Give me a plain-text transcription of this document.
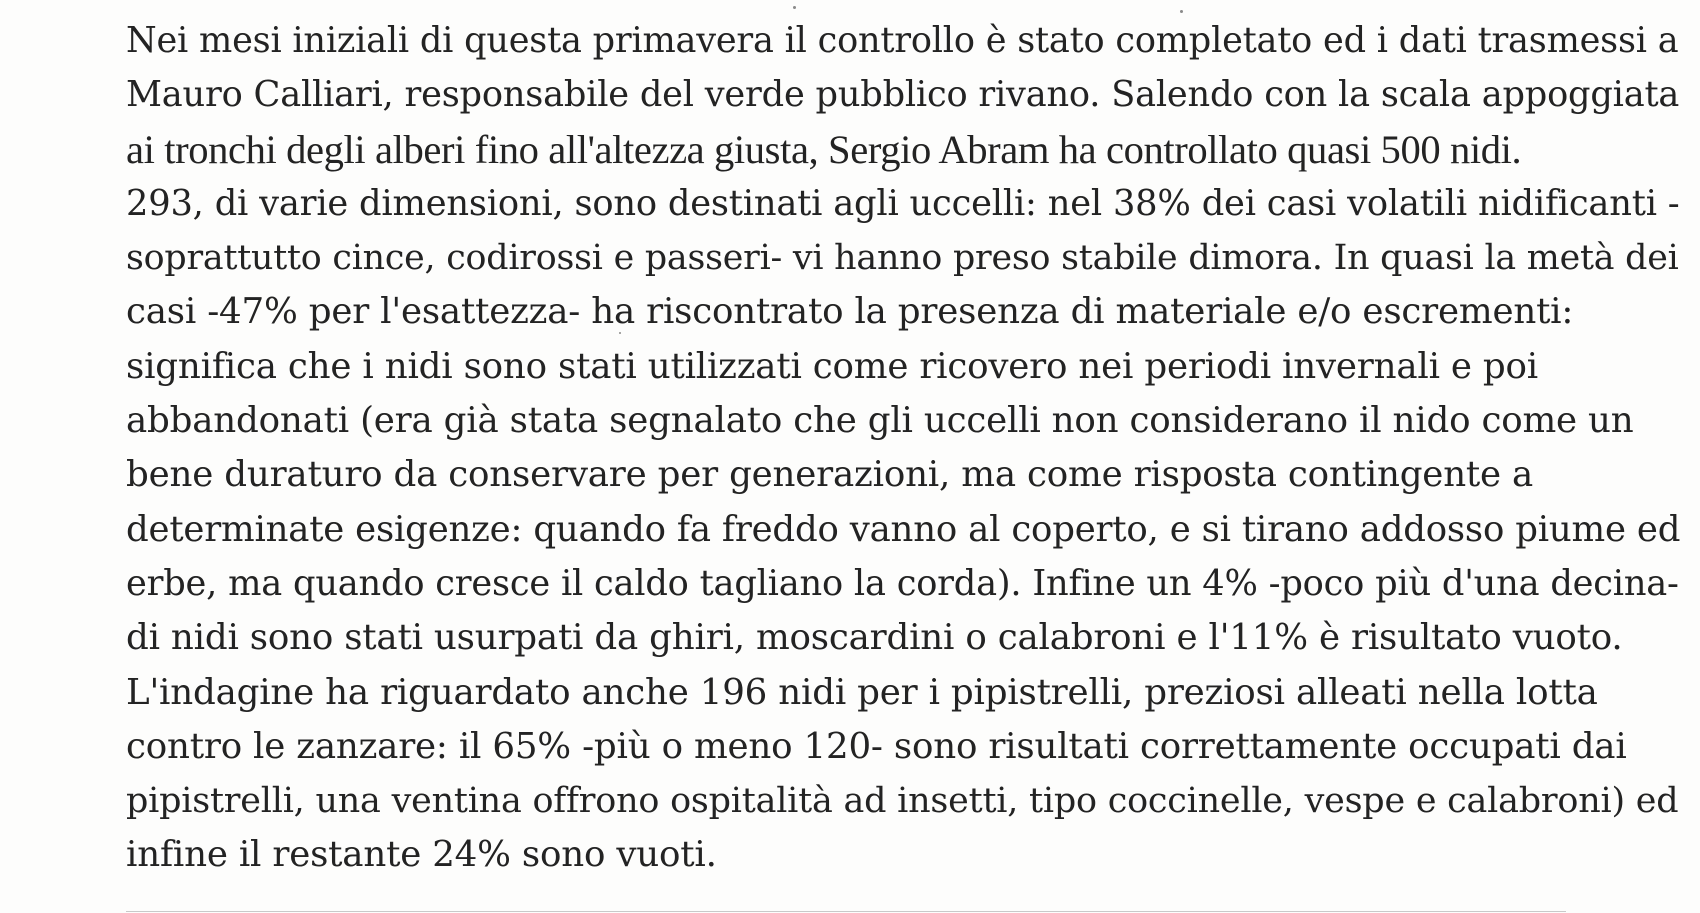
Nei mesi iniziali di questa primavera il controllo è stato completato ed i dati trasmessi a
Mauro Calliari, responsabile del verde pubblico rivano. Salendo con la scala appoggiata
ai tronchi degli alberi fino all'altezza giusta, Sergio Abram ha controllato quasi 500 nidi.
293, di varie dimensioni, sono destinati agli uccelli: nel 38% dei casi volatili nidificanti -
soprattutto cince, codirossi e passeri- vi hanno preso stabile dimora. In quasi la metà dei
casi -47% per l'esattezza- ha riscontrato la presenza di materiale e/o escrementi:
significa che i nidi sono stati utilizzati come ricovero nei periodi invernali e poi
abbandonati (era già stata segnalato che gli uccelli non considerano il nido come un
bene duraturo da conservare per generazioni, ma come risposta contingente a
determinate esigenze: quando fa freddo vanno al coperto, e si tirano addosso piume ed
erbe, ma quando cresce il caldo tagliano la corda). Infine un 4% -poco più d'una decina-
di nidi sono stati usurpati da ghiri, moscardini o calabroni e l'11% è risultato vuoto.
L'indagine ha riguardato anche 196 nidi per i pipistrelli, preziosi alleati nella lotta
contro le zanzare: il 65% -più o meno 120- sono risultati correttamente occupati dai
pipistrelli, una ventina offrono ospitalità ad insetti, tipo coccinelle, vespe e calabroni) ed
infine il restante 24% sono vuoti.
